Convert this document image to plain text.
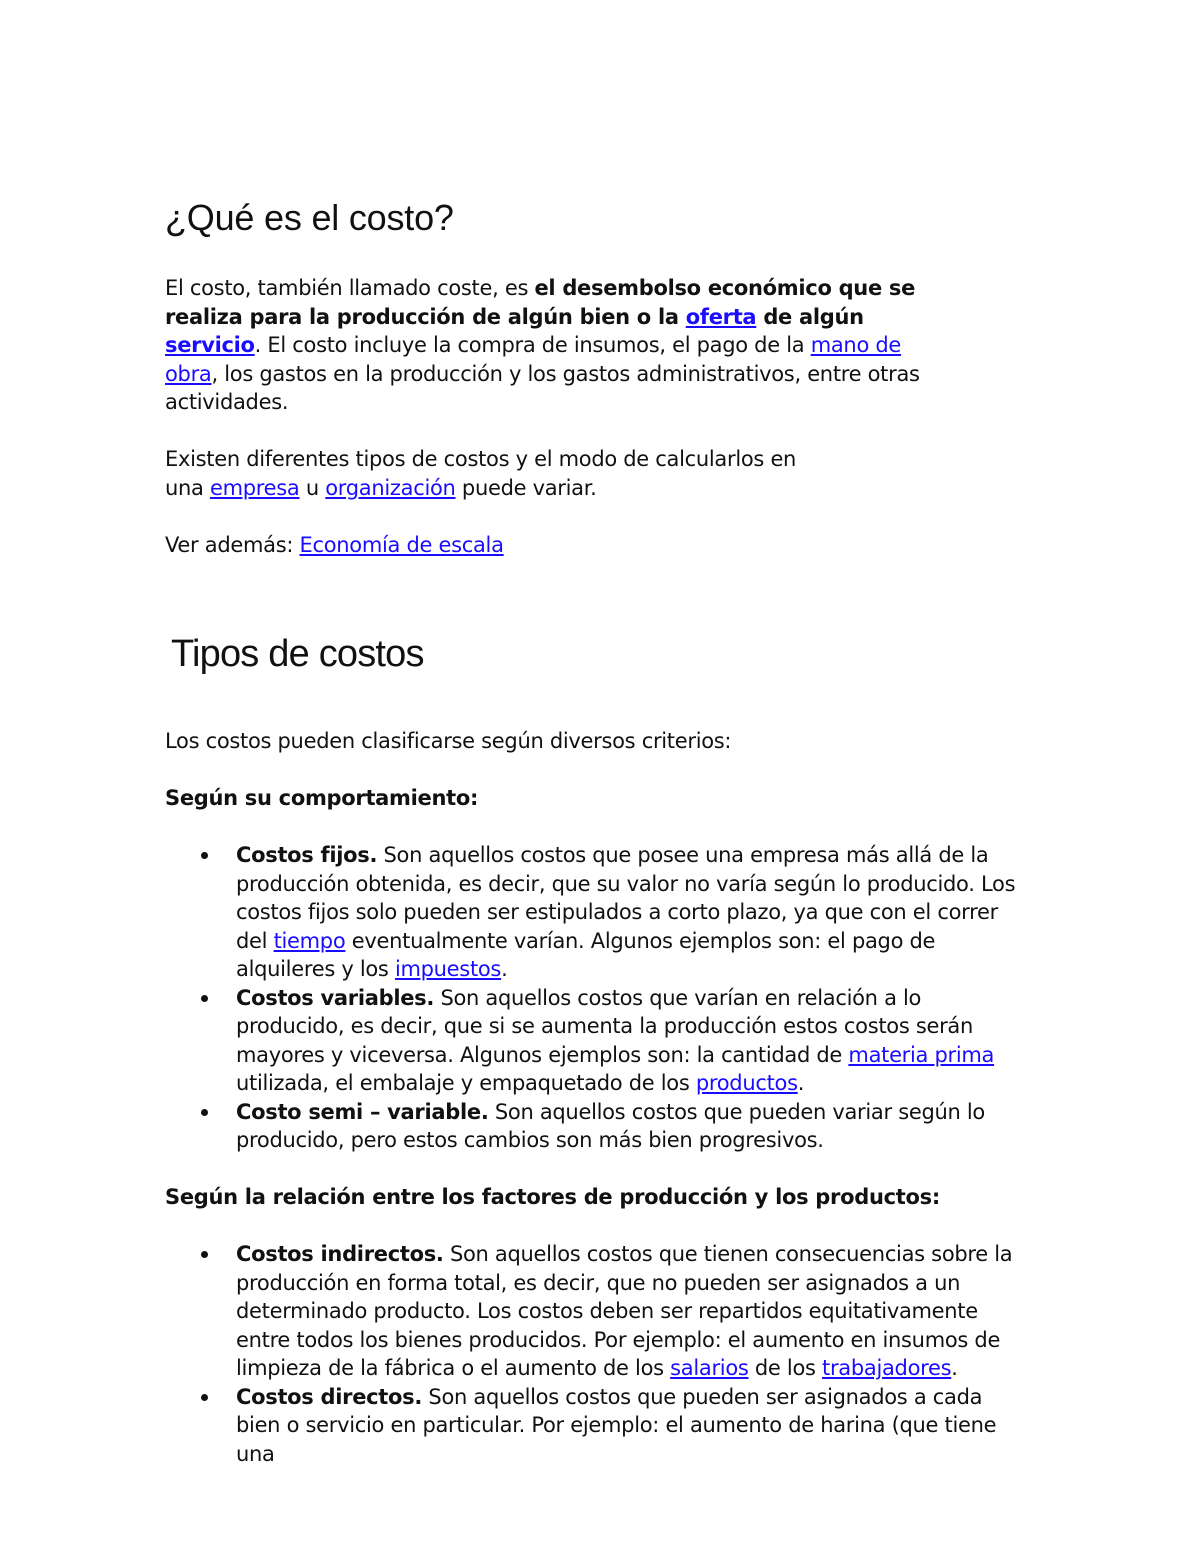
¿Qué es el costo?

El costo, también llamado coste, es el desembolso económico que se realiza para la producción de algún bien o la oferta de algún servicio. El costo incluye la compra de insumos, el pago de la mano de obra, los gastos en la producción y los gastos administrativos, entre otras actividades.

Existen diferentes tipos de costos y el modo de calcularlos en una empresa u organización puede variar.

Ver además: Economía de escala

Tipos de costos

Los costos pueden clasificarse según diversos criterios:

Según su comportamiento:

Costos fijos. Son aquellos costos que posee una empresa más allá de la producción obtenida, es decir, que su valor no varía según lo producido. Los costos fijos solo pueden ser estipulados a corto plazo, ya que con el correr del tiempo eventualmente varían. Algunos ejemplos son: el pago de alquileres y los impuestos.
Costos variables. Son aquellos costos que varían en relación a lo producido, es decir, que si se aumenta la producción estos costos serán mayores y viceversa. Algunos ejemplos son: la cantidad de materia prima utilizada, el embalaje y empaquetado de los productos.
Costo semi – variable. Son aquellos costos que pueden variar según lo producido, pero estos cambios son más bien progresivos.

Según la relación entre los factores de producción y los productos:

Costos indirectos. Son aquellos costos que tienen consecuencias sobre la producción en forma total, es decir, que no pueden ser asignados a un determinado producto. Los costos deben ser repartidos equitativamente entre todos los bienes producidos. Por ejemplo: el aumento en insumos de limpieza de la fábrica o el aumento de los salarios de los trabajadores.
Costos directos. Son aquellos costos que pueden ser asignados a cada bien o servicio en particular. Por ejemplo: el aumento de harina (que tiene una
